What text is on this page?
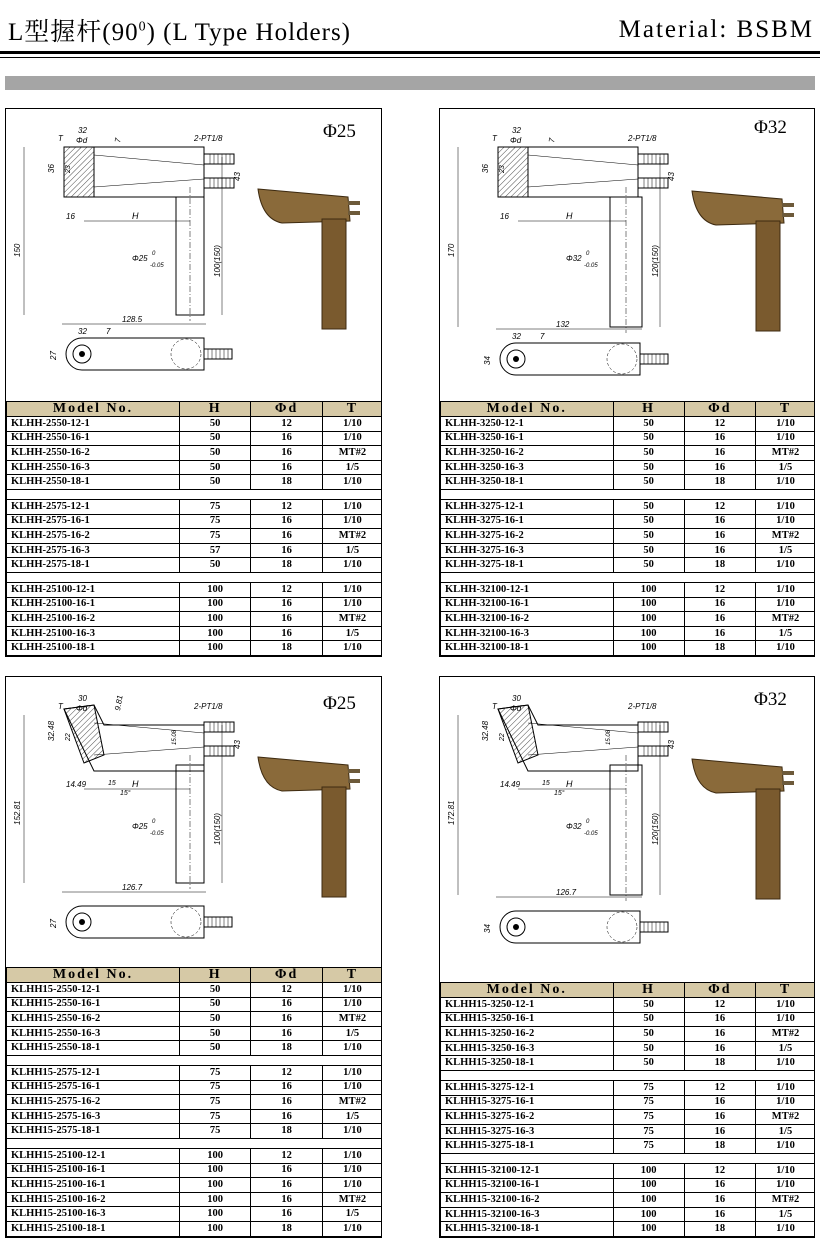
L型握杆$(90^0)$ (L Type Holders)	Material: BSBM
Φ25
150	100(150)
H
16
36 23
43
32
T Φd	7	2-PT1/8
Φ25
-0.05
0
128.5
27
32 7
Model No.	H	Φd	T
KLHH-2550-12-1	50	12	1/10
KLHH-2550-16-1	50	16	1/10
KLHH-2550-16-2	50	16	MT#2
KLHH-2550-16-3	50	16	1/5
KLHH-2550-18-1	50	18	1/10

KLHH-2575-12-1	75	12	1/10
KLHH-2575-16-1	75	16	1/10
KLHH-2575-16-2	75	16	MT#2
KLHH-2575-16-3	57	16	1/5
KLHH-2575-18-1	50	18	1/10

KLHH-25100-12-1	100	12	1/10
KLHH-25100-16-1	100	16	1/10
KLHH-25100-16-2	100	16	MT#2
KLHH-25100-16-3	100	16	1/5
KLHH-25100-18-1	100	18	1/10
Φ32
170	120(150)
H
16
36 23
43
32
T Φd	7	2-PT1/8
Φ32
-0.05
0
132
34
32 7
Model No.	H	Φd	T
KLHH-3250-12-1	50	12	1/10
KLHH-3250-16-1	50	16	1/10
KLHH-3250-16-2	50	16	MT#2
KLHH-3250-16-3	50	16	1/5
KLHH-3250-18-1	50	18	1/10

KLHH-3275-12-1	50	12	1/10
KLHH-3275-16-1	50	16	1/10
KLHH-3275-16-2	50	16	MT#2
KLHH-3275-16-3	50	16	1/5
KLHH-3275-18-1	50	18	1/10

KLHH-32100-12-1	100	12	1/10
KLHH-32100-16-1	100	16	1/10
KLHH-32100-16-2	100	16	MT#2
KLHH-32100-16-3	100	16	1/5
KLHH-32100-18-1	100	18	1/10
Φ25
152.81
100(150)
H
14.49
32.48 22
43
30
T Φd	9.81	2-PT1/8
Φ25
-0.05
0
15
15°
15.08
126.7
27
Model No.	H	Φd	T
KLHH15-2550-12-1	50	12	1/10
KLHH15-2550-16-1	50	16	1/10
KLHH15-2550-16-2	50	16	MT#2
KLHH15-2550-16-3	50	16	1/5
KLHH15-2550-18-1	50	18	1/10

KLHH15-2575-12-1	75	12	1/10
KLHH15-2575-16-1	75	16	1/10
KLHH15-2575-16-2	75	16	MT#2
KLHH15-2575-16-3	75	16	1/5
KLHH15-2575-18-1	75	18	1/10

KLHH15-25100-12-1	100	12	1/10
KLHH15-25100-16-1	100	16	1/10
KLHH15-25100-16-1	100	16	1/10
KLHH15-25100-16-2	100	16	MT#2
KLHH15-25100-16-3	100	16	1/5
KLHH15-25100-18-1	100	18	1/10
Φ32
172.81
120(150)
H
14.49
32.48 22
43
30
T Φd	2-PT1/8
Φ32
-0.05
0
15
15°
15.08
126.7
34
Model No.	H	Φd	T
KLHH15-3250-12-1	50	12	1/10
KLHH15-3250-16-1	50	16	1/10
KLHH15-3250-16-2	50	16	MT#2
KLHH15-3250-16-3	50	16	1/5
KLHH15-3250-18-1	50	18	1/10

KLHH15-3275-12-1	75	12	1/10
KLHH15-3275-16-1	75	16	1/10
KLHH15-3275-16-2	75	16	MT#2
KLHH15-3275-16-3	75	16	1/5
KLHH15-3275-18-1	75	18	1/10

KLHH15-32100-12-1	100	12	1/10
KLHH15-32100-16-1	100	16	1/10
KLHH15-32100-16-2	100	16	MT#2
KLHH15-32100-16-3	100	16	1/5
KLHH15-32100-18-1	100	18	1/10
